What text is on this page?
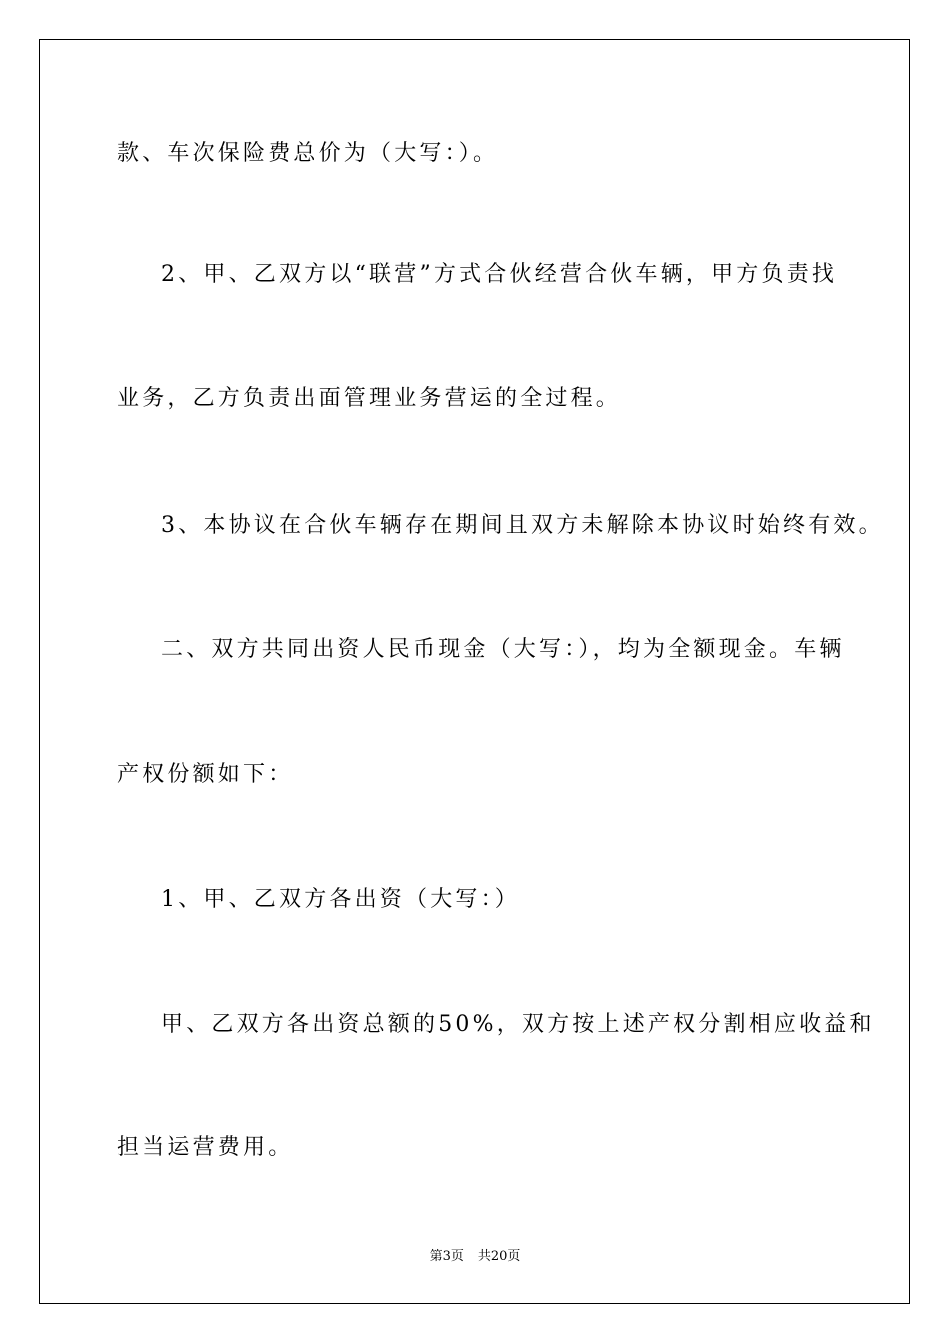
款、车次保险费总价为（大写：）。

2、甲、乙双方以“联营”方式合伙经营合伙车辆，甲方负责找

业务，乙方负责出面管理业务营运的全过程。

3、本协议在合伙车辆存在期间且双方未解除本协议时始终有效。

二、双方共同出资人民币现金（大写：），均为全额现金。车辆

产权份额如下：

1、甲、乙双方各出资（大写：）

甲、乙双方各出资总额的50%，双方按上述产权分割相应收益和

担当运营费用。

第3页 共20页
